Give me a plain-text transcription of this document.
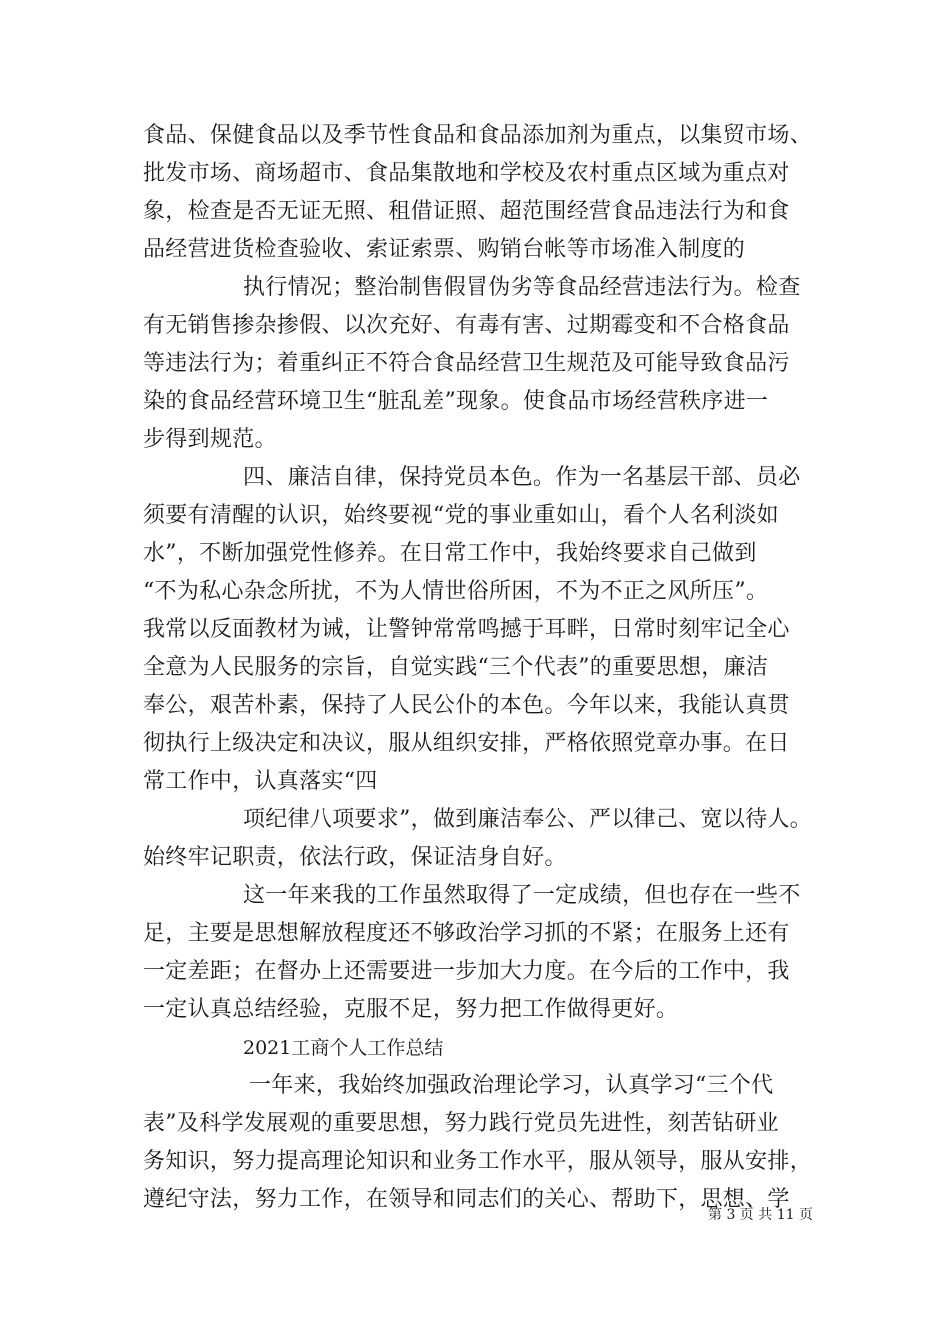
食品、保健食品以及季节性食品和食品添加剂为重点，以集贸市场、
批发市场、商场超市、食品集散地和学校及农村重点区域为重点对
象，检查是否无证无照、租借证照、超范围经营食品违法行为和食
品经营进货检查验收、索证索票、购销台帐等市场准入制度的
执行情况；整治制售假冒伪劣等食品经营违法行为。检查
有无销售掺杂掺假、以次充好、有毒有害、过期霉变和不合格食品
等违法行为；着重纠正不符合食品经营卫生规范及可能导致食品污
染的食品经营环境卫生“脏乱差”现象。使食品市场经营秩序进一
步得到规范。
四、廉洁自律，保持党员本色。作为一名基层干部、员必
须要有清醒的认识，始终要视“党的事业重如山，看个人名利淡如
水”，不断加强党性修养。在日常工作中，我始终要求自己做到
“不为私心杂念所扰，不为人情世俗所困，不为不正之风所压”。
我常以反面教材为诫，让警钟常常鸣撼于耳畔，日常时刻牢记全心
全意为人民服务的宗旨，自觉实践“三个代表”的重要思想，廉洁
奉公，艰苦朴素，保持了人民公仆的本色。今年以来，我能认真贯
彻执行上级决定和决议，服从组织安排，严格依照党章办事。在日
常工作中，认真落实“四
项纪律八项要求”，做到廉洁奉公、严以律己、宽以待人。
始终牢记职责，依法行政，保证洁身自好。
这一年来我的工作虽然取得了一定成绩，但也存在一些不
足，主要是思想解放程度还不够政治学习抓的不紧；在服务上还有
一定差距；在督办上还需要进一步加大力度。在今后的工作中，我
一定认真总结经验，克服不足，努力把工作做得更好。
2021工商个人工作总结
一年来，我始终加强政治理论学习，认真学习“三个代
表”及科学发展观的重要思想，努力践行党员先进性，刻苦钻研业
务知识，努力提高理论知识和业务工作水平，服从领导，服从安排，
遵纪守法，努力工作，在领导和同志们的关心、帮助下，思想、学
第 3 页 共 11 页
